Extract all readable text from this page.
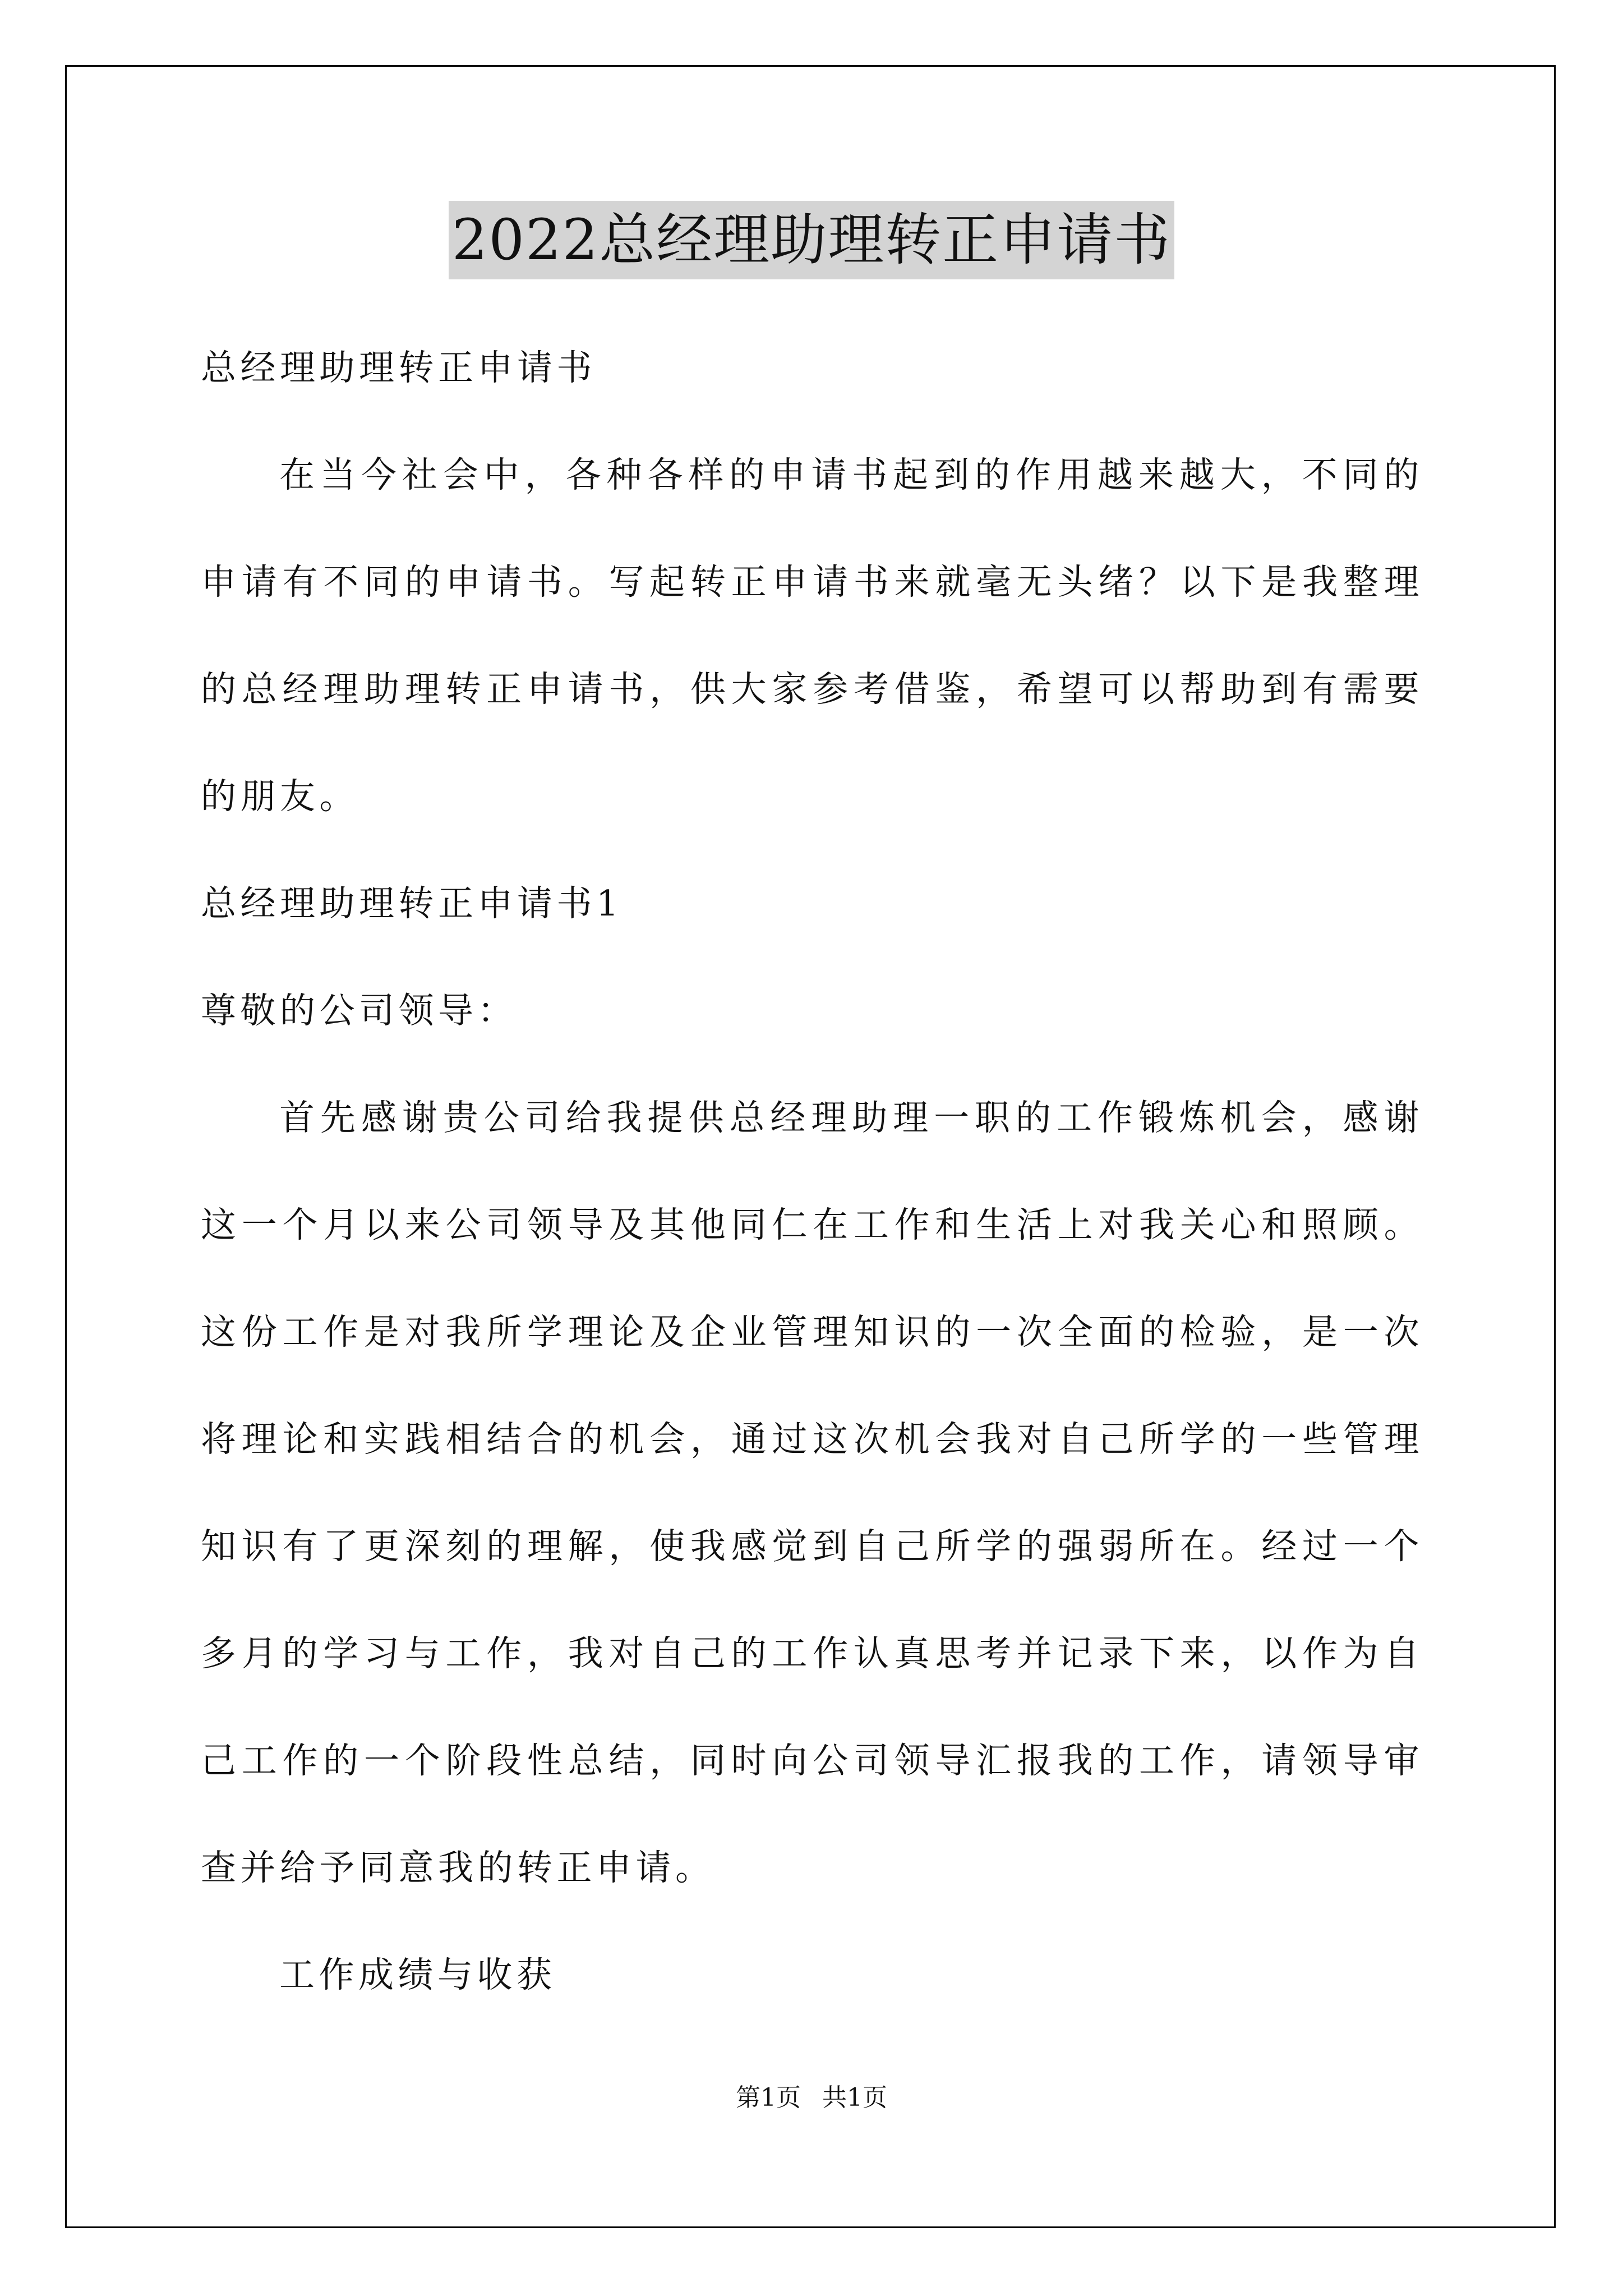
2022总经理助理转正申请书

总经理助理转正申请书

在当今社会中，各种各样的申请书起到的作用越来越大，不同的申请有不同的申请书。写起转正申请书来就毫无头绪？以下是我整理的总经理助理转正申请书，供大家参考借鉴，希望可以帮助到有需要的朋友。

总经理助理转正申请书1

尊敬的公司领导：

首先感谢贵公司给我提供总经理助理一职的工作锻炼机会，感谢这一个月以来公司领导及其他同仁在工作和生活上对我关心和照顾。这份工作是对我所学理论及企业管理知识的一次全面的检验，是一次将理论和实践相结合的机会，通过这次机会我对自己所学的一些管理知识有了更深刻的理解，使我感觉到自己所学的强弱所在。经过一个多月的学习与工作，我对自己的工作认真思考并记录下来，以作为自己工作的一个阶段性总结，同时向公司领导汇报我的工作，请领导审查并给予同意我的转正申请。

工作成绩与收获

第1页 共1页
